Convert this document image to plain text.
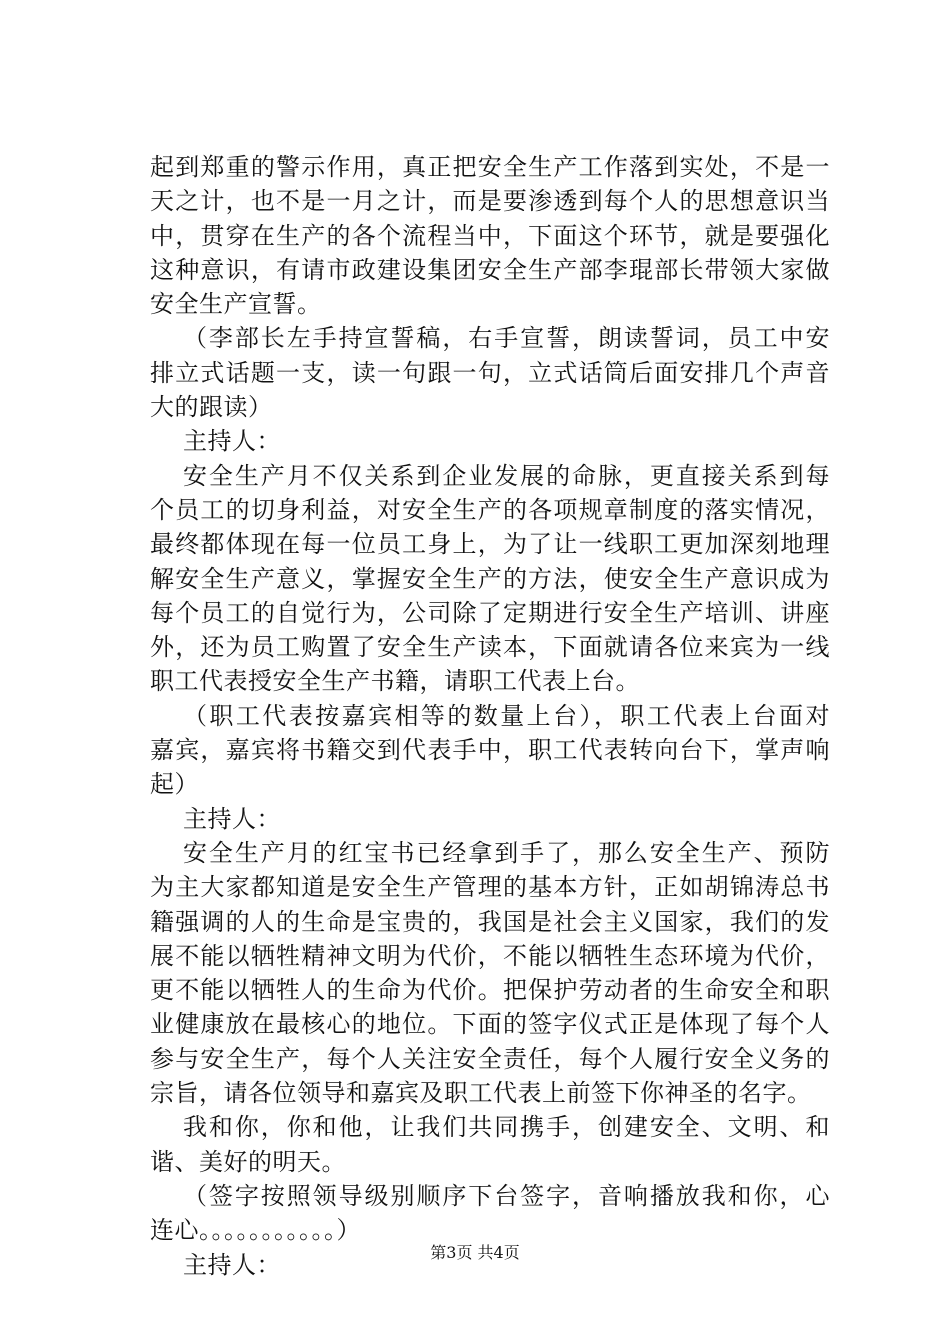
起到郑重的警示作用，真正把安全生产工作落到实处，不是一
天之计，也不是一月之计，而是要渗透到每个人的思想意识当
中，贯穿在生产的各个流程当中，下面这个环节，就是要强化
这种意识，有请市政建设集团安全生产部李琨部长带领大家做
安全生产宣誓。
（李部长左手持宣誓稿，右手宣誓，朗读誓词，员工中安
排立式话题一支，读一句跟一句，立式话筒后面安排几个声音
大的跟读）
主持人：
安全生产月不仅关系到企业发展的命脉，更直接关系到每
个员工的切身利益，对安全生产的各项规章制度的落实情况，
最终都体现在每一位员工身上，为了让一线职工更加深刻地理
解安全生产意义，掌握安全生产的方法，使安全生产意识成为
每个员工的自觉行为，公司除了定期进行安全生产培训、讲座
外，还为员工购置了安全生产读本，下面就请各位来宾为一线
职工代表授安全生产书籍，请职工代表上台。
（职工代表按嘉宾相等的数量上台），职工代表上台面对
嘉宾，嘉宾将书籍交到代表手中，职工代表转向台下，掌声响
起）
主持人：
安全生产月的红宝书已经拿到手了，那么安全生产、预防
为主大家都知道是安全生产管理的基本方针，正如胡锦涛总书
籍强调的人的生命是宝贵的，我国是社会主义国家，我们的发
展不能以牺牲精神文明为代价，不能以牺牲生态环境为代价，
更不能以牺牲人的生命为代价。把保护劳动者的生命安全和职
业健康放在最核心的地位。下面的签字仪式正是体现了每个人
参与安全生产，每个人关注安全责任，每个人履行安全义务的
宗旨，请各位领导和嘉宾及职工代表上前签下你神圣的名字。
我和你，你和他，让我们共同携手，创建安全、文明、和
谐、美好的明天。
（签字按照领导级别顺序下台签字，音响播放我和你，心
连心。。。。。。。。。。。）
主持人：	第3页 共4页
